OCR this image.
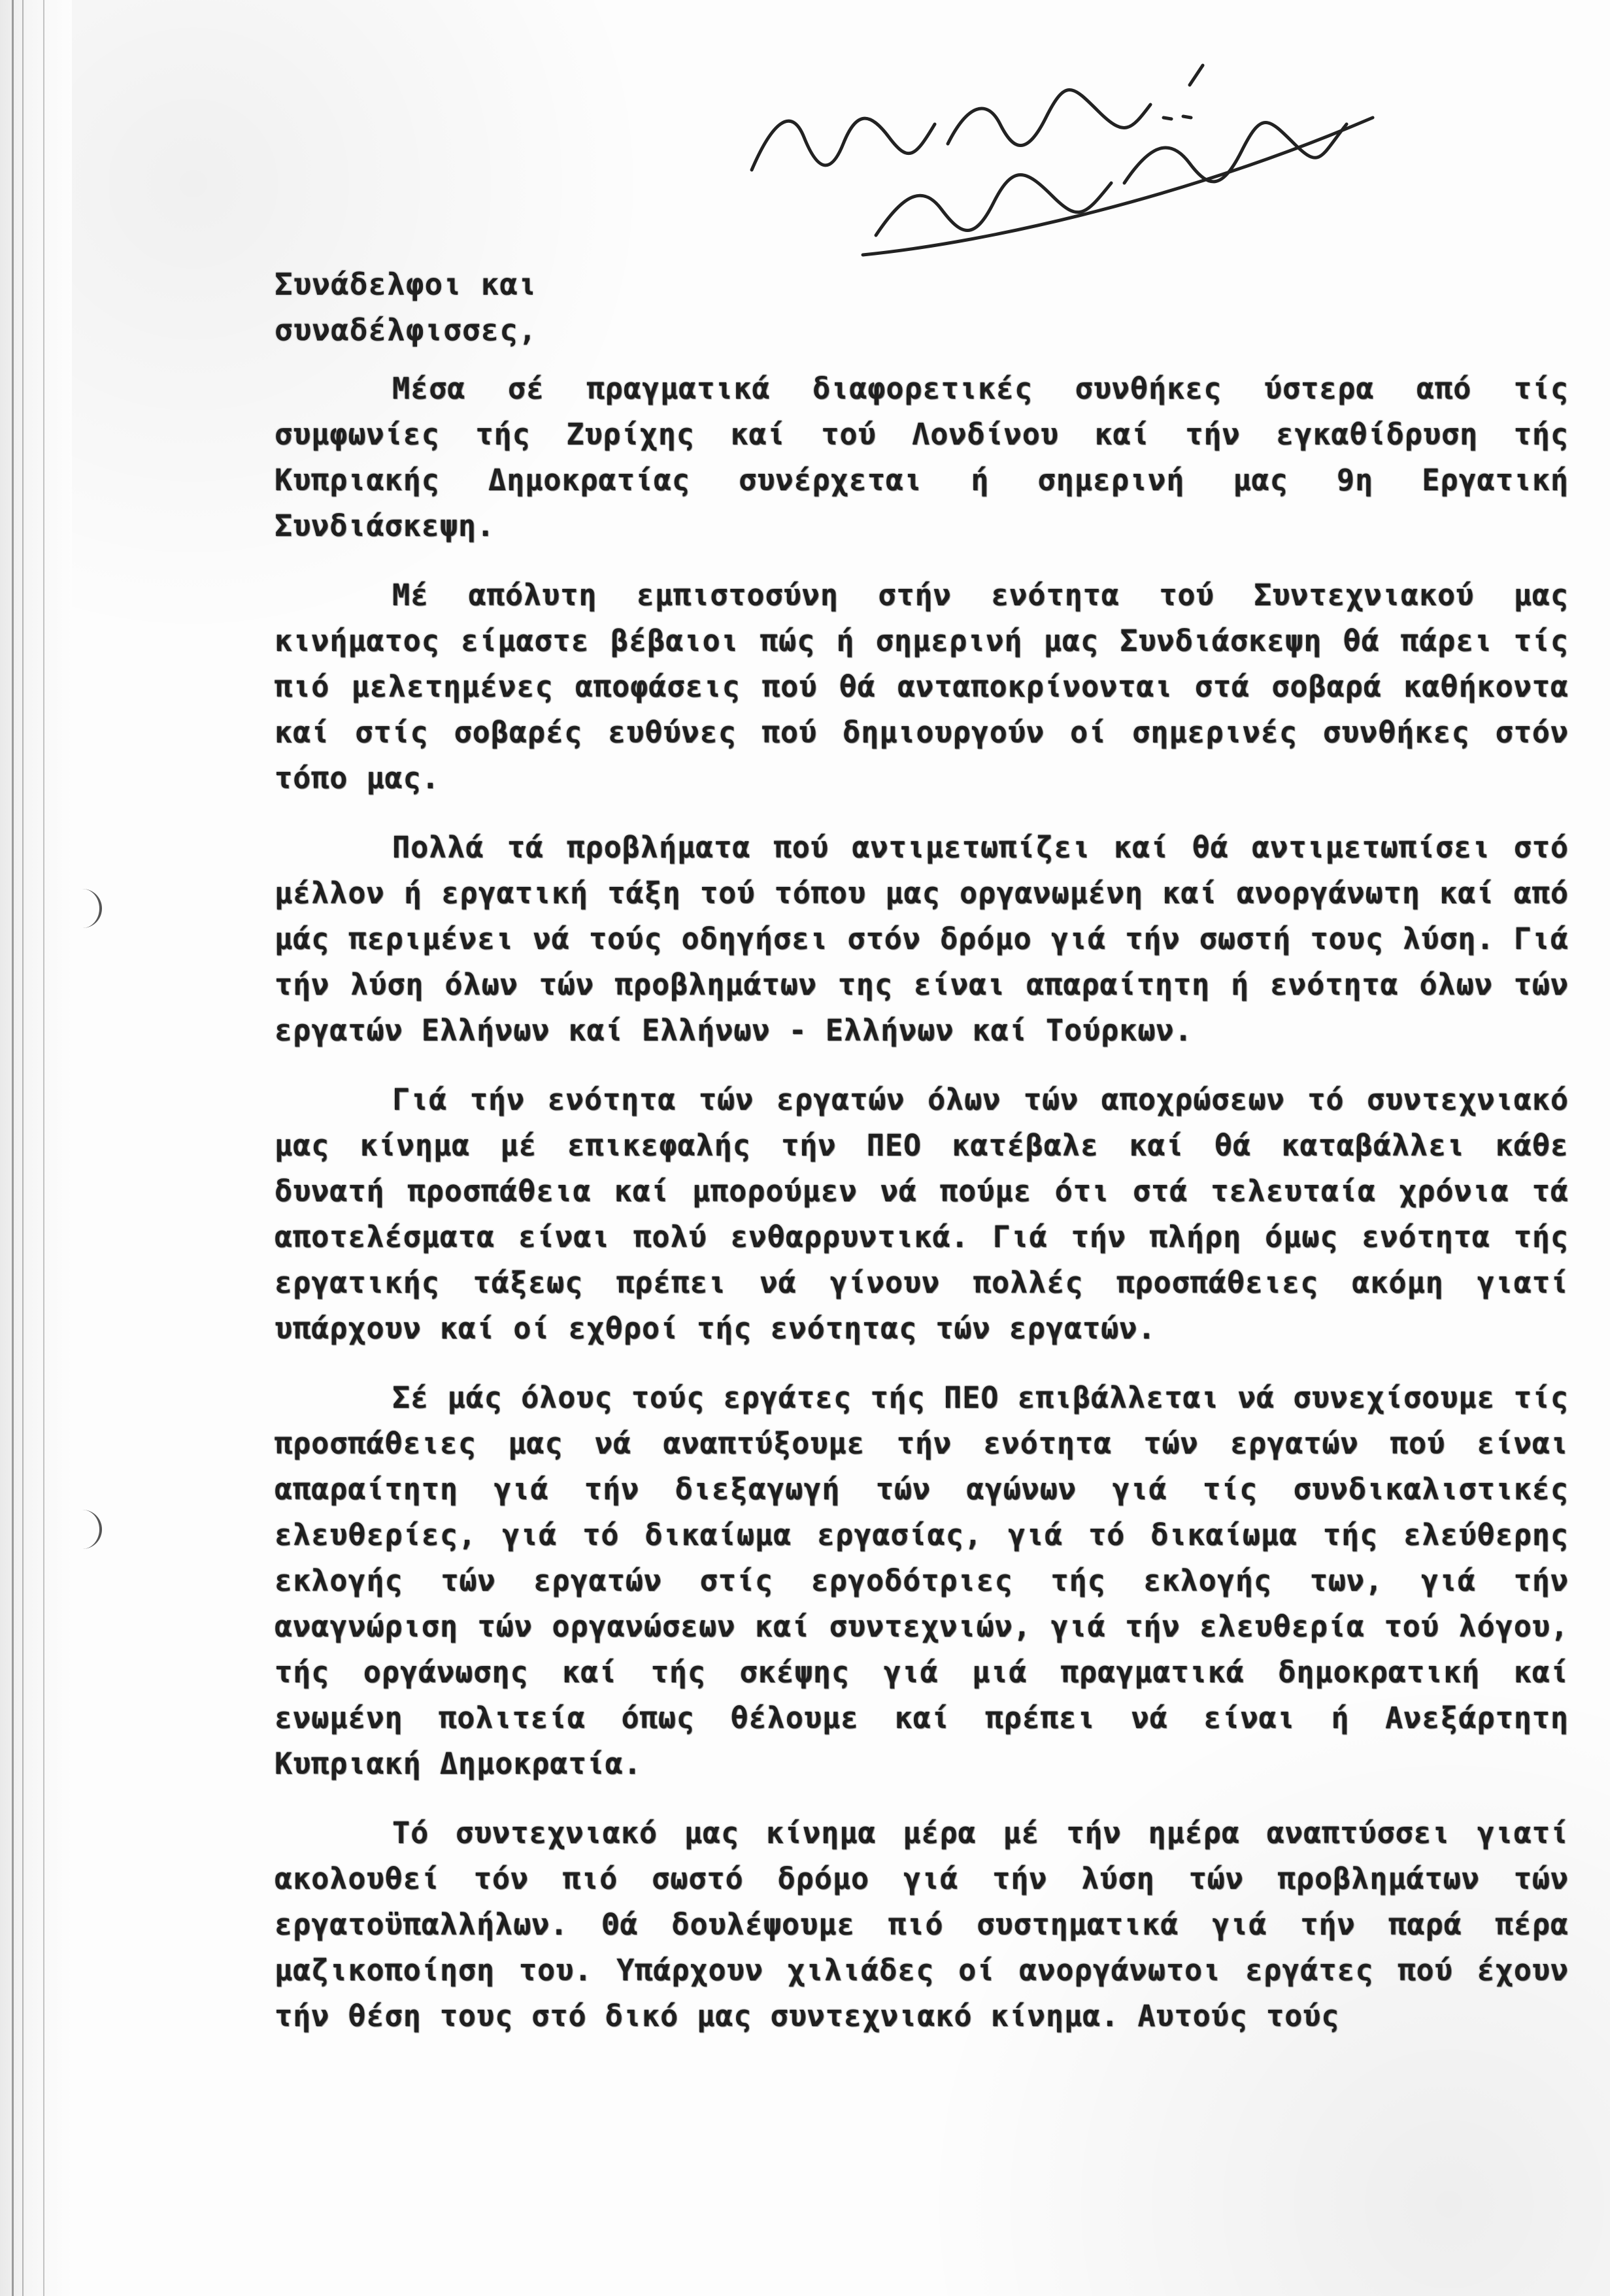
Συνάδελφοι και
συναδέλφισσες,

Μέσα σέ πραγματικά διαφορετικές συνθήκες ύστερα από τίς συμφωνίες τής Ζυρίχης καί τού Λονδίνου καί τήν εγκαθίδρυση τής Κυπριακής Δημοκρατίας συνέρχεται ή σημερινή μας 9η Εργατική Συνδιάσκεψη.

Μέ απόλυτη εμπιστοσύνη στήν ενότητα τού Συντεχνιακού μας κινήματος είμαστε βέβαιοι πώς ή σημερινή μας Συνδιάσκεψη θά πάρει τίς πιό μελετημένες αποφάσεις πού θά ανταποκρίνονται στά σοβαρά καθήκοντα καί στίς σοβαρές ευθύνες πού δημιουργούν οί σημερινές συνθήκες στόν τόπο μας.

Πολλά τά προβλήματα πού αντιμετωπίζει καί θά αντιμετωπίσει στό μέλλον ή εργατική τάξη τού τόπου μας οργανωμένη καί ανοργάνωτη καί από μάς περιμένει νά τούς οδηγήσει στόν δρόμο γιά τήν σωστή τους λύση. Γιά τήν λύση όλων τών προβλημάτων της είναι απαραίτητη ή ενότητα όλων τών εργατών Ελλήνων καί Ελλήνων - Ελλήνων καί Τούρκων.

Γιά τήν ενότητα τών εργατών όλων τών αποχρώσεων τό συντεχνιακό μας κίνημα μέ επικεφαλής τήν ΠΕΟ κατέβαλε καί θά καταβάλλει κάθε δυνατή προσπάθεια καί μπορούμεν νά πούμε ότι στά τελευταία χρόνια τά αποτελέσματα είναι πολύ ενθαρρυντικά. Γιά τήν πλήρη όμως ενότητα τής εργατικής τάξεως πρέπει νά γίνουν πολλές προσπάθειες ακόμη γιατί υπάρχουν καί οί εχθροί τής ενότητας τών εργατών.

Σέ μάς όλους τούς εργάτες τής ΠΕΟ επιβάλλεται νά συνεχίσουμε τίς προσπάθειες μας νά αναπτύξουμε τήν ενότητα τών εργατών πού είναι απαραίτητη γιά τήν διεξαγωγή τών αγώνων γιά τίς συνδικαλιστικές ελευθερίες, γιά τό δικαίωμα εργασίας, γιά τό δικαίωμα τής ελεύθερης εκλογής τών εργατών στίς εργοδότριες τής εκλογής των, γιά τήν αναγνώριση τών οργανώσεων καί συντεχνιών, γιά τήν ελευθερία τού λόγου, τής οργάνωσης καί τής σκέψης γιά μιά πραγματικά δημοκρατική καί ενωμένη πολιτεία όπως θέλουμε καί πρέπει νά είναι ή Ανεξάρτητη Κυπριακή Δημοκρατία.

Τό συντεχνιακό μας κίνημα μέρα μέ τήν ημέρα αναπτύσσει γιατί ακολουθεί τόν πιό σωστό δρόμο γιά τήν λύση τών προβλημάτων τών εργατοϋπαλλήλων. Θά δουλέψουμε πιό συστηματικά γιά τήν παρά πέρα μαζικοποίηση του. Υπάρχουν χιλιάδες οί ανοργάνωτοι εργάτες πού έχουν τήν θέση τους στό δικό μας συντεχνιακό κίνημα. Αυτούς τούς
